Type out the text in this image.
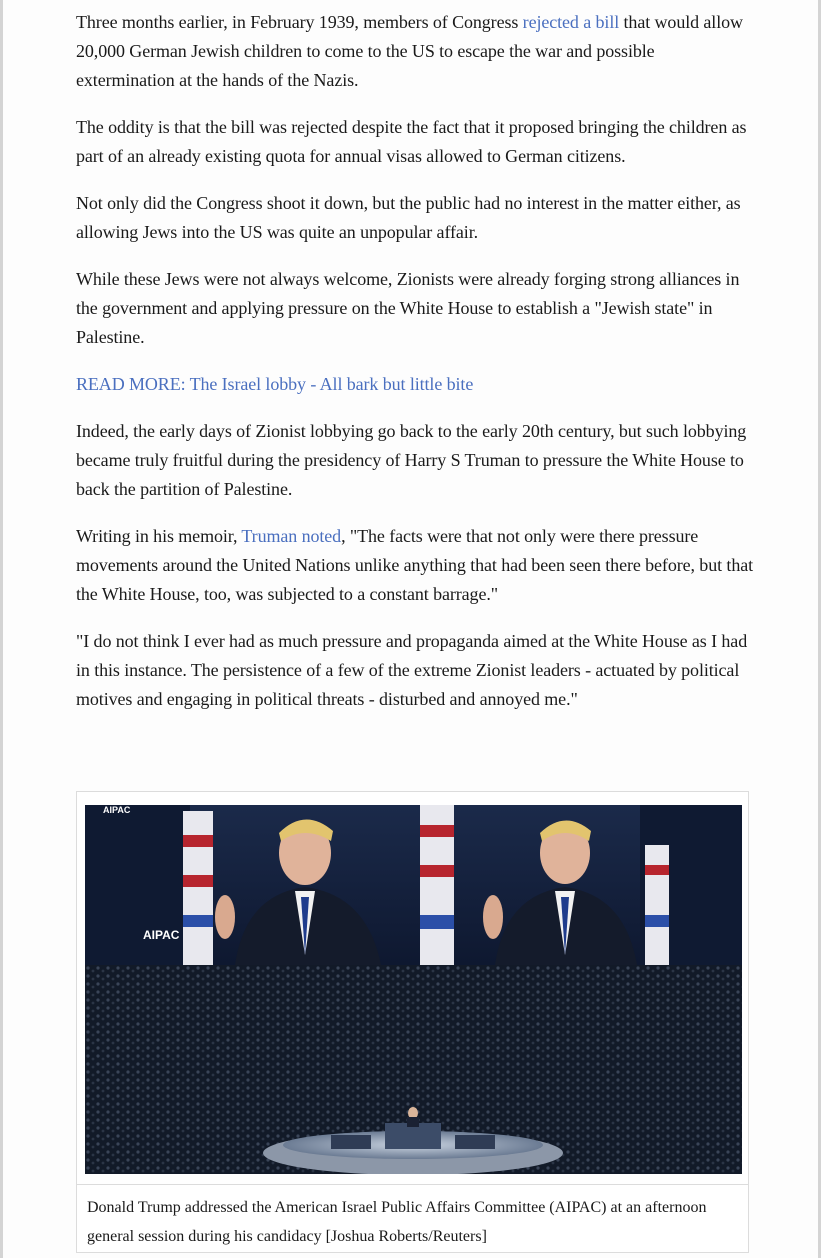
Three months earlier, in February 1939, members of Congress rejected a bill that would allow 20,000 German Jewish children to come to the US to escape the war and possible extermination at the hands of the Nazis.

The oddity is that the bill was rejected despite the fact that it proposed bringing the children as part of an already existing quota for annual visas allowed to German citizens.

Not only did the Congress shoot it down, but the public had no interest in the matter either, as allowing Jews into the US was quite an unpopular affair.

While these Jews were not always welcome, Zionists were already forging strong alliances in the government and applying pressure on the White House to establish a "Jewish state" in Palestine.

READ MORE: The Israel lobby - All bark but little bite

Indeed, the early days of Zionist lobbying go back to the early 20th century, but such lobbying became truly fruitful during the presidency of Harry S Truman to pressure the White House to back the partition of Palestine.

Writing in his memoir, Truman noted, "The facts were that not only were there pressure movements around the United Nations unlike anything that had been seen there before, but that the White House, too, was subjected to a constant barrage."

"I do not think I ever had as much pressure and propaganda aimed at the White House as I had in this instance. The persistence of a few of the extreme Zionist leaders - actuated by political motives and engaging in political threats - disturbed and annoyed me."

AIPAC
AIPAC
Donald Trump addressed the American Israel Public Affairs Committee (AIPAC) at an afternoon general session during his candidacy [Joshua Roberts/Reuters]
